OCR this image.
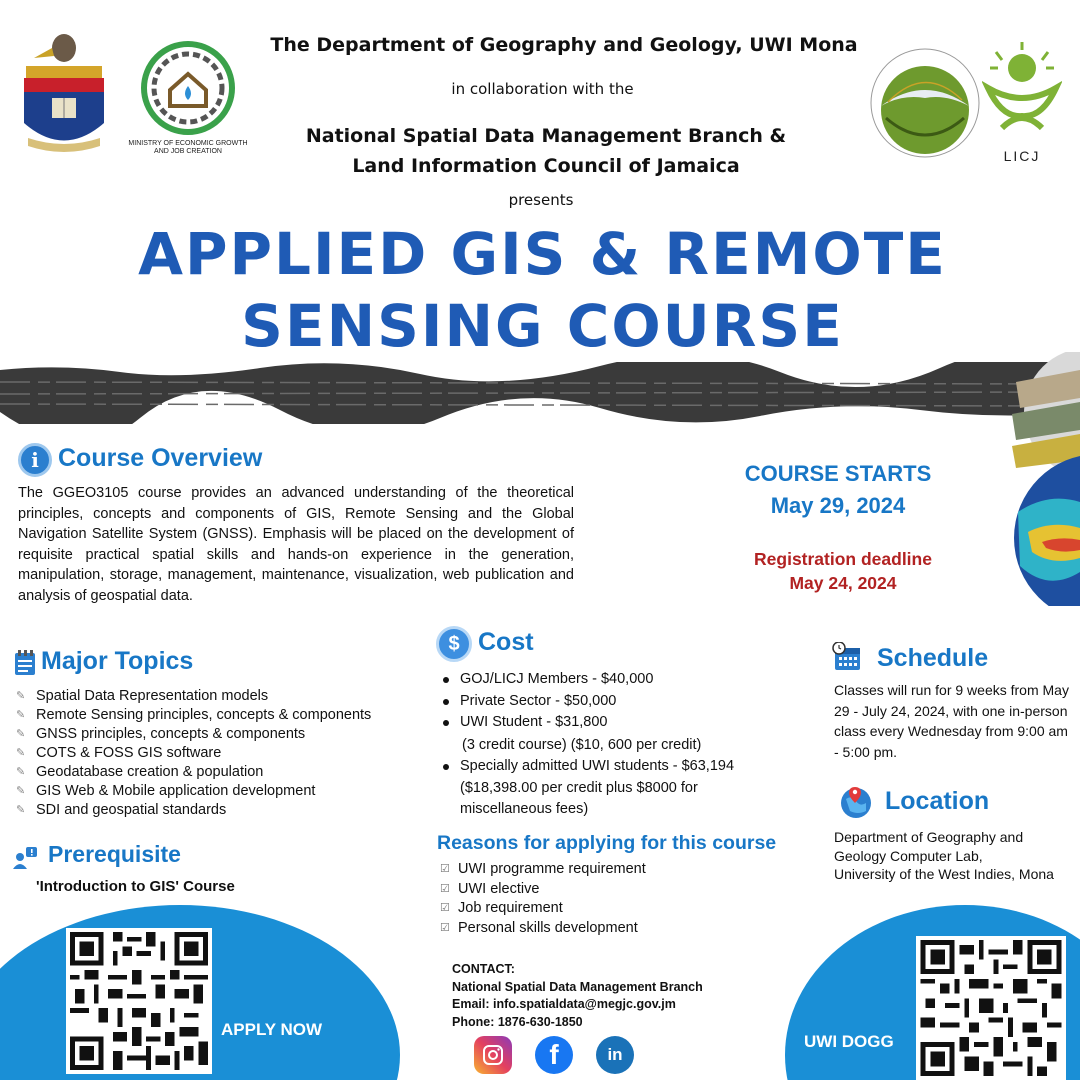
MINISTRY OF ECONOMIC GROWTH
AND JOB CREATION	LICJ
The Department of Geography and Geology, UWI Mona
in collaboration with the
National Spatial Data Management Branch &
Land Information Council of Jamaica
presents
APPLIED GIS & REMOTE
SENSING COURSE
i Course Overview
The GGEO3105 course provides an advanced understanding of the theoretical principles, concepts and components of GIS, Remote Sensing and the Global Navigation Satellite System (GNSS). Emphasis will be placed on the development of requisite practical spatial skills and hands-on experience in the generation, manipulation, storage, management, maintenance, visualization, web publication and analysis of geospatial data.
COURSE STARTS
May 29, 2024
Registration deadline
May 24, 2024
Major Topics
✎ Spatial Data Representation models
✎ Remote Sensing principles, concepts & components
✎ GNSS principles, concepts & components
✎ COTS & FOSS GIS software
✎ Geodatabase creation & population
✎ GIS Web & Mobile application development
✎ SDI and geospatial standards
Prerequisite
'Introduction to GIS' Course
$ Cost
GOJ/LICJ Members - $40,000
Private Sector - $50,000
UWI Student - $31,800
(3 credit course) ($10, 600 per credit)
Specially admitted UWI students - $63,194 ($18,398.00 per credit plus $8000 for miscellaneous fees)
Reasons for applying for this course
☑ UWI programme requirement
☑ UWI elective
☑ Job requirement
☑ Personal skills development
Schedule
Classes will run for 9 weeks from May 29 - July 24, 2024, with one in-person class every Wednesday from 9:00 am - 5:00 pm.
Location
Department of Geography and
Geology Computer Lab,
University of the West Indies, Mona
APPLY NOW
CONTACT:
National Spatial Data Management Branch
Email: info.spatialdata@megjc.gov.jm
Phone: 1876-630-1850
f	in
UWI DOGG
